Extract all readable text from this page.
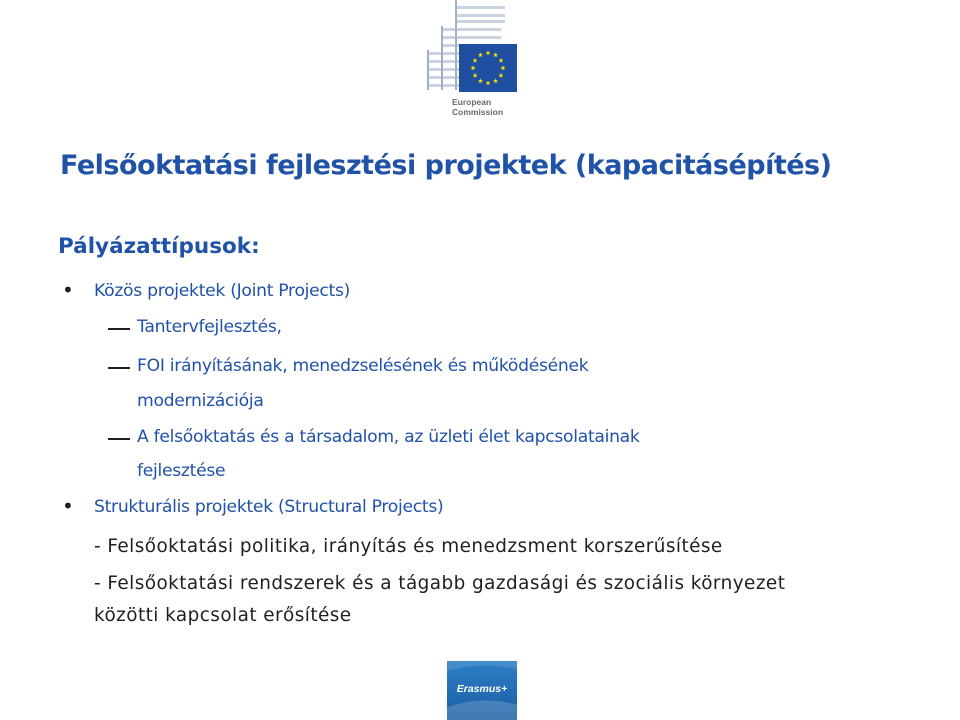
European
Commission
Felsőoktatási fejlesztési projektek (kapacitásépítés)
Pályázattípusok:
• Közös projektek (Joint Projects)
Tantervfejlesztés,
FOI irányításának, menedzselésének és működésének
modernizációja
A felsőoktatás és a társadalom, az üzleti élet kapcsolatainak
fejlesztése
• Strukturális projektek (Structural Projects)
- Felsőoktatási politika, irányítás és menedzsment korszerűsítése
- Felsőoktatási rendszerek és a tágabb gazdasági és szociális környezet
közötti kapcsolat erősítése
Erasmus+
